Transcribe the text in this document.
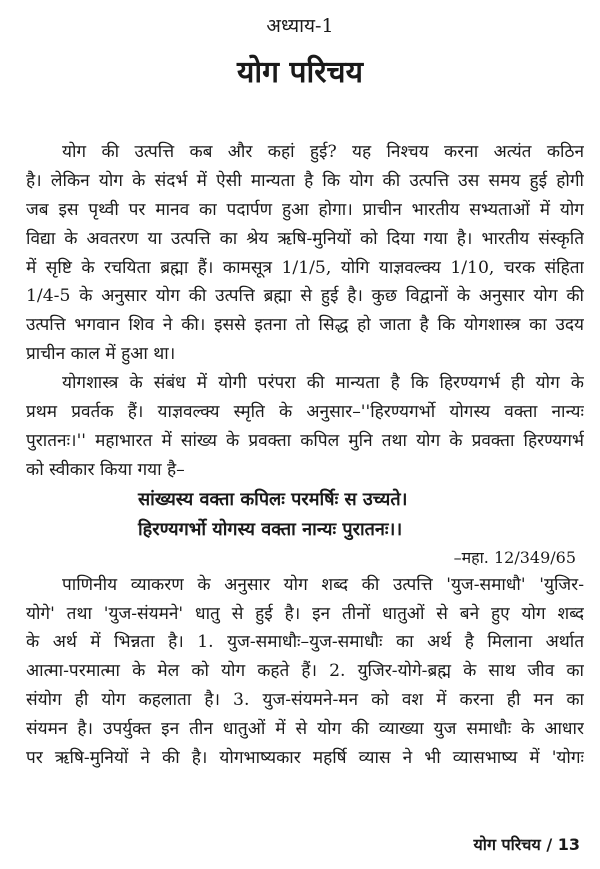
अध्याय-1
योग परिचय
योग की उत्पत्ति कब और कहां हुई? यह निश्चय करना अत्यंत कठिन
है। लेकिन योग के संदर्भ में ऐसी मान्यता है कि योग की उत्पत्ति उस समय हुई होगी
जब इस पृथ्वी पर मानव का पदार्पण हुआ होगा। प्राचीन भारतीय सभ्यताओं में योग
विद्या के अवतरण या उत्पत्ति का श्रेय ऋषि-मुनियों को दिया गया है। भारतीय संस्कृति
में सृष्टि के रचयिता ब्रह्मा हैं। कामसूत्र 1/1/5, योगि याज्ञवल्क्य 1/10, चरक संहिता
1/4-5 के अनुसार योग की उत्पत्ति ब्रह्मा से हुई है। कुछ विद्वानों के अनुसार योग की
उत्पत्ति भगवान शिव ने की। इससे इतना तो सिद्ध हो जाता है कि योगशास्त्र का उदय
प्राचीन काल में हुआ था।
योगशास्त्र के संबंध में योगी परंपरा की मान्यता है कि हिरण्यगर्भ ही योग के
प्रथम प्रवर्तक हैं। याज्ञवल्क्य स्मृति के अनुसार–''हिरण्यगर्भो योगस्य वक्ता नान्यः
पुरातनः।'' महाभारत में सांख्य के प्रवक्ता कपिल मुनि तथा योग के प्रवक्ता हिरण्यगर्भ
को स्वीकार किया गया है–
सांख्यस्य वक्ता कपिलः परमर्षिः स उच्यते।
हिरण्यगर्भो योगस्य वक्ता नान्यः पुरातनः।।
–महा. 12/349/65
पाणिनीय व्याकरण के अनुसार योग शब्द की उत्पत्ति 'युज-समाधौ' 'युजिर-
योगे' तथा 'युज-संयमने' धातु से हुई है। इन तीनों धातुओं से बने हुए योग शब्द
के अर्थ में भिन्नता है। 1. युज-समाधौः–युज-समाधौः का अर्थ है मिलाना अर्थात
आत्मा-परमात्मा के मेल को योग कहते हैं। 2. युजिर-योगे-ब्रह्म के साथ जीव का
संयोग ही योग कहलाता है। 3. युज-संयमने-मन को वश में करना ही मन का
संयमन है। उपर्युक्त इन तीन धातुओं में से योग की व्याख्या युज समाधौः के आधार
पर ऋषि-मुनियों ने की है। योगभाष्यकार महर्षि व्यास ने भी व्यासभाष्य में 'योगः
योग परिचय / 13
